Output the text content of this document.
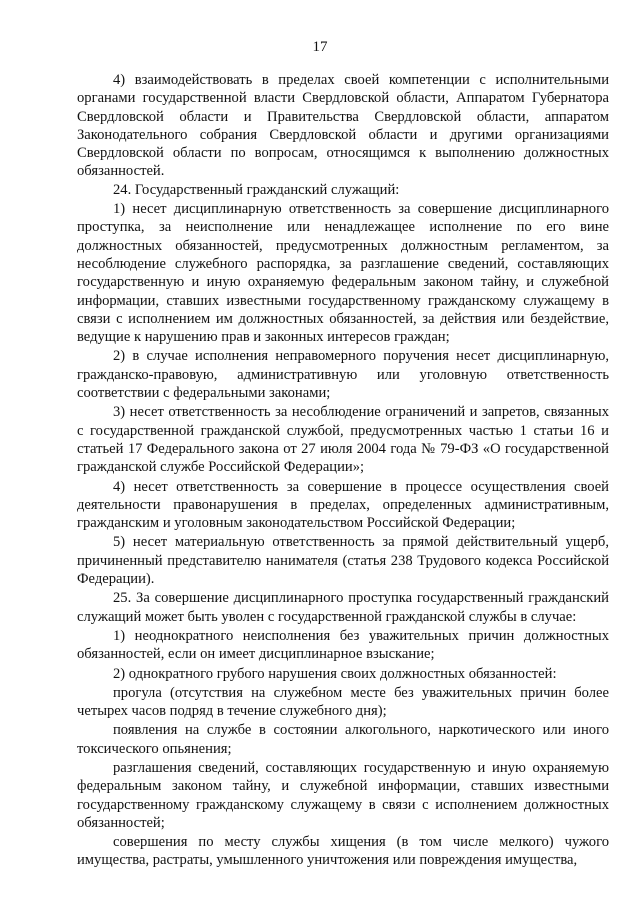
17

4) взаимодействовать в пределах своей компетенции с исполнительными органами государственной власти Свердловской области, Аппаратом Губернатора Свердловской области и Правительства Свердловской области, аппаратом Законодательного собрания Свердловской области и другими организациями Свердловской области по вопросам, относящимся к выполнению должностных обязанностей.

24. Государственный гражданский служащий:

1) несет дисциплинарную ответственность за совершение дисциплинарного проступка, за неисполнение или ненадлежащее исполнение по его вине должностных обязанностей, предусмотренных должностным регламентом, за несоблюдение служебного распорядка, за разглашение сведений, составляющих государственную и иную охраняемую федеральным законом тайну, и служебной информации, ставших известными государственному гражданскому служащему в связи с исполнением им должностных обязанностей, за действия или бездействие, ведущие к нарушению прав и законных интересов граждан;

2) в случае исполнения неправомерного поручения несет дисциплинарную, гражданско-правовую, административную или уголовную ответственность соответствии с федеральными законами;

3) несет ответственность за несоблюдение ограничений и запретов, связанных с государственной гражданской службой, предусмотренных частью 1 статьи 16 и статьей 17 Федерального закона от 27 июля 2004 года № 79-ФЗ «О государственной гражданской службе Российской Федерации»;

4) несет ответственность за совершение в процессе осуществления своей деятельности правонарушения в пределах, определенных административным, гражданским и уголовным законодательством Российской Федерации;

5) несет материальную ответственность за прямой действительный ущерб, причиненный представителю нанимателя (статья 238 Трудового кодекса Российской Федерации).

25. За совершение дисциплинарного проступка государственный гражданский служащий может быть уволен с государственной гражданской службы в случае:

1) неоднократного неисполнения без уважительных причин должностных обязанностей, если он имеет дисциплинарное взыскание;

2) однократного грубого нарушения своих должностных обязанностей:

прогула (отсутствия на служебном месте без уважительных причин более четырех часов подряд в течение служебного дня);

появления на службе в состоянии алкогольного, наркотического или иного токсического опьянения;

разглашения сведений, составляющих государственную и иную охраняемую федеральным законом тайну, и служебной информации, ставших известными государственному гражданскому служащему в связи с исполнением должностных обязанностей;

совершения по месту службы хищения (в том числе мелкого) чужого имущества, растраты, умышленного уничтожения или повреждения имущества,
